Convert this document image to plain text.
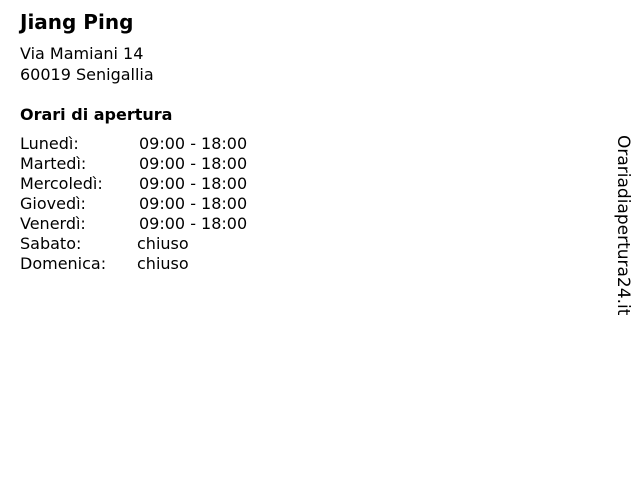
Jiang Ping
Via Mamiani 14
60019 Senigallia
Orari di apertura
Lunedì:	09:00 - 18:00
Martedì:	09:00 - 18:00
Mercoledì:	09:00 - 18:00
Giovedì:	09:00 - 18:00
Venerdì:	09:00 - 18:00
Sabato:	chiuso
Domenica:	chiuso	Orariadiapertura24.it
